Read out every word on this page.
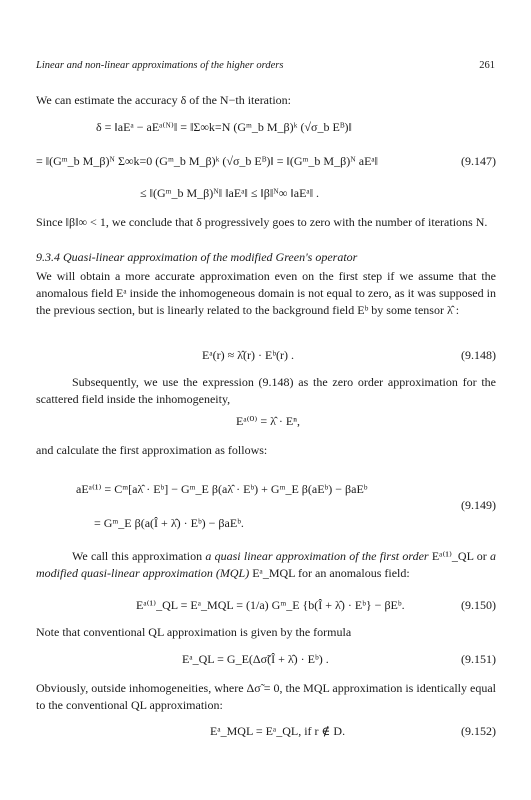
Linear and non-linear approximations of the higher orders	261
We can estimate the accuracy δ of the N−th iteration:
δ = ‖aEᵃ − aEᵃ⁽ᴺ⁾‖ = ‖Σ∞k=N (Gᵐ_b M_β)ᵏ (√σ_b Eᴮ)‖
= ‖(Gᵐ_b M_β)ᴺ Σ∞k=0 (Gᵐ_b M_β)ᵏ (√σ_b Eᴮ)‖ = ‖(Gᵐ_b M_β)ᴺ aEᵃ‖	(9.147)
≤ ‖(Gᵐ_b M_β)ᴺ‖ ‖aEᵃ‖ ≤ ‖β‖ᴺ∞ ‖aEᵃ‖ .
Since ‖β‖∞ < 1, we conclude that δ progressively goes to zero with the number of iterations N.
9.3.4 Quasi-linear approximation of the modified Green's operator
We will obtain a more accurate approximation even on the first step if we assume that the anomalous field Eᵃ inside the inhomogeneous domain is not equal to zero, as it was supposed in the previous section, but is linearly related to the background field Eᵇ by some tensor λ̂ :
Eᵃ(r) ≈ λ̂(r) · Eᵇ(r) .	(9.148)
Subsequently, we use the expression (9.148) as the zero order approximation for the scattered field inside the inhomogeneity,
Eᵃ⁽⁰⁾ = λ̂ · Eⁿ,
and calculate the first approximation as follows:
aEᵃ⁽¹⁾ = Cᵐ[aλ̂ · Eᵇ] − Gᵐ_E β(aλ̂ · Eᵇ) + Gᵐ_E β(aEᵇ) − βaEᵇ
(9.149)
= Gᵐ_E β(a(Î + λ̂) · Eᵇ) − βaEᵇ.
We call this approximation a quasi linear approximation of the first order Eᵃ⁽¹⁾_QL or a modified quasi-linear approximation (MQL) Eᵃ_MQL for an anomalous field:
Eᵃ⁽¹⁾_QL = Eᵃ_MQL = (1/a) Gᵐ_E {b(Î + λ̂) · Eᵇ} − βEᵇ.	(9.150)
Note that conventional QL approximation is given by the formula
Eᵃ_QL = G_E(Δσ̃(Î + λ̂) · Eᵇ) .	(9.151)
Obviously, outside inhomogeneities, where Δσ̃ = 0, the MQL approximation is identically equal to the conventional QL approximation:
Eᵃ_MQL = Eᵃ_QL, if r ∉ D.	(9.152)
